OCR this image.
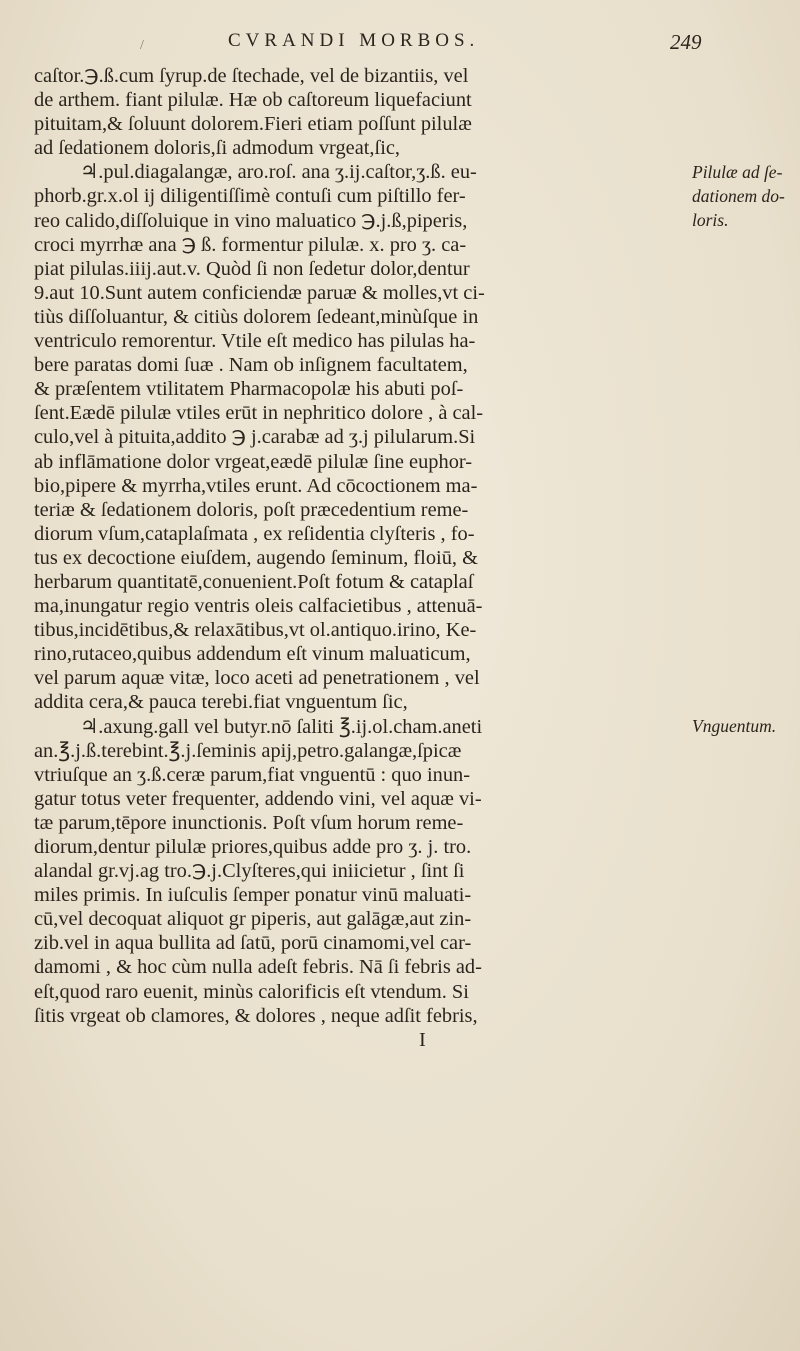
/	CVRANDI MORBOS.	249
caſtor.℈.ß.cum ſyrup.de ſtechade, vel de bizantiis, vel
de arthem. fiant pilulæ. Hæ ob caſtoreum liquefaciunt
pituitam,& ſoluunt dolorem.Fieri etiam poſſunt pilulæ
ad ſedationem doloris,ſi admodum vrgeat,ſic,
♃.pul.diagalangæ, aro.roſ. ana ʒ.ij.caſtor,ʒ.ß. eu-
phorb.gr.x.ol ij diligentiſſimè contuſi cum piſtillo fer-
reo calido,diſſoluique in vino maluatico ℈.j.ß,piperis,
croci myrrhæ ana ℈ ß. formentur pilulæ. x. pro ʒ. ca-
piat pilulas.iiij.aut.v. Quòd ſi non ſedetur dolor,dentur
9.aut 10.Sunt autem conficiendæ paruæ & molles,vt ci-
tiùs diſſoluantur, & citiùs dolorem ſedeant,minùſque in
ventriculo remorentur. Vtile eſt medico has pilulas ha-
bere paratas domi ſuæ . Nam ob inſignem facultatem,
& præſentem vtilitatem Pharmacopolæ his abuti poſ-
ſent.Eædē pilulæ vtiles erūt in nephritico dolore , à cal-
culo,vel à pituita,addito ℈ j.carabæ ad ʒ.j pilularum.Si
ab inflāmatione dolor vrgeat,eædē pilulæ ſine euphor-
bio,pipere & myrrha,vtiles erunt. Ad cōcoctionem ma-
teriæ & ſedationem doloris, poſt præcedentium reme-
diorum vſum,cataplaſmata , ex reſidentia clyſteris , fo-
tus ex decoctione eiuſdem, augendo ſeminum, floiū, &
herbarum quantitatē,conuenient.Poſt fotum & cataplaſ
ma,inungatur regio ventris oleis calfacietibus , attenuā-
tibus,incidētibus,& relaxātibus,vt ol.antiquo.irino, Ke-
rino,rutaceo,quibus addendum eſt vinum maluaticum,
vel parum aquæ vitæ, loco aceti ad penetrationem , vel
addita cera,& pauca terebi.fiat vnguentum ſic,
♃.axung.gall vel butyr.nō ſaliti ℥.ij.ol.cham.aneti
an.℥.j.ß.terebint.℥.j.ſeminis apij,petro.galangæ,ſpicæ
vtriuſque an ʒ.ß.ceræ parum,fiat vnguentū : quo inun-
gatur totus veter frequenter, addendo vini, vel aquæ vi-
tæ parum,tēpore inunctionis. Poſt vſum horum reme-
diorum,dentur pilulæ priores,quibus adde pro ʒ. j. tro.
alandal gr.vj.ag tro.℈.j.Clyſteres,qui iniicietur , ſint ſi
miles primis. In iuſculis ſemper ponatur vinū maluati-
cū,vel decoquat aliquot gr piperis, aut galāgæ,aut zin-
zib.vel in aqua bullita ad ſatū, porū cinamomi,vel car-
damomi , & hoc cùm nulla adeſt febris. Nā ſi febris ad-
eſt,quod raro euenit, minùs calorificis eſt vtendum. Si
ſitis vrgeat ob clamores, & dolores , neque adſit febris,
I
Pilulæ ad ſe-
dationem do-
loris.
Vnguentum.
